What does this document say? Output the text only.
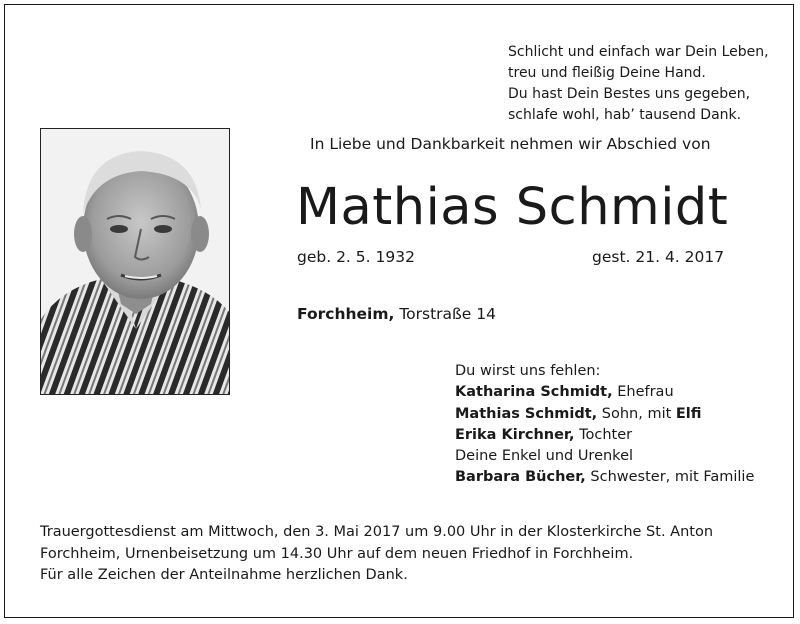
Schlicht und einfach war Dein Leben,
treu und fleißig Deine Hand.
Du hast Dein Bestes uns gegeben,
schlafe wohl, hab’ tausend Dank.
In Liebe und Dankbarkeit nehmen wir Abschied von
Mathias Schmidt
geb. 2. 5. 1932	gest. 21. 4. 2017
Forchheim, Torstraße 14
Du wirst uns fehlen:
Katharina Schmidt, Ehefrau
Mathias Schmidt, Sohn, mit Elfi
Erika Kirchner, Tochter
Deine Enkel und Urenkel
Barbara Bücher, Schwester, mit Familie
Trauergottesdienst am Mittwoch, den 3. Mai 2017 um 9.00 Uhr in der Klosterkirche St. Anton
Forchheim, Urnenbeisetzung um 14.30 Uhr auf dem neuen Friedhof in Forchheim.
Für alle Zeichen der Anteilnahme herzlichen Dank.
